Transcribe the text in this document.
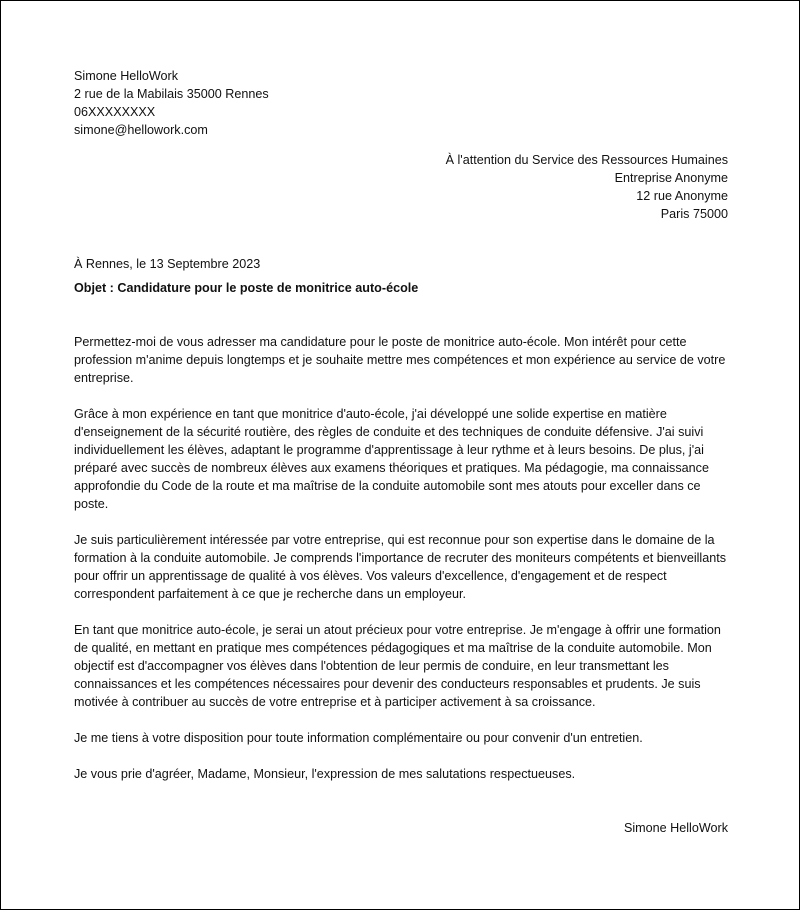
Simone HelloWork
2 rue de la Mabilais 35000 Rennes
06XXXXXXXX
simone@hellowork.com
À l'attention du Service des Ressources Humaines
Entreprise Anonyme
12 rue Anonyme
Paris 75000
À Rennes, le 13 Septembre 2023
Objet : Candidature pour le poste de monitrice auto-école

Permettez-moi de vous adresser ma candidature pour le poste de monitrice auto-école. Mon intérêt pour cette profession m'anime depuis longtemps et je souhaite mettre mes compétences et mon expérience au service de votre entreprise.

Grâce à mon expérience en tant que monitrice d'auto-école, j'ai développé une solide expertise en matière d'enseignement de la sécurité routière, des règles de conduite et des techniques de conduite défensive. J'ai suivi individuellement les élèves, adaptant le programme d'apprentissage à leur rythme et à leurs besoins. De plus, j'ai préparé avec succès de nombreux élèves aux examens théoriques et pratiques. Ma pédagogie, ma connaissance approfondie du Code de la route et ma maîtrise de la conduite automobile sont mes atouts pour exceller dans ce poste.

Je suis particulièrement intéressée par votre entreprise, qui est reconnue pour son expertise dans le domaine de la formation à la conduite automobile. Je comprends l'importance de recruter des moniteurs compétents et bienveillants pour offrir un apprentissage de qualité à vos élèves. Vos valeurs d'excellence, d'engagement et de respect correspondent parfaitement à ce que je recherche dans un employeur.

En tant que monitrice auto-école, je serai un atout précieux pour votre entreprise. Je m'engage à offrir une formation de qualité, en mettant en pratique mes compétences pédagogiques et ma maîtrise de la conduite automobile. Mon objectif est d'accompagner vos élèves dans l'obtention de leur permis de conduire, en leur transmettant les connaissances et les compétences nécessaires pour devenir des conducteurs responsables et prudents. Je suis motivée à contribuer au succès de votre entreprise et à participer activement à sa croissance.

Je me tiens à votre disposition pour toute information complémentaire ou pour convenir d'un entretien.

Je vous prie d'agréer, Madame, Monsieur, l'expression de mes salutations respectueuses.

Simone HelloWork
